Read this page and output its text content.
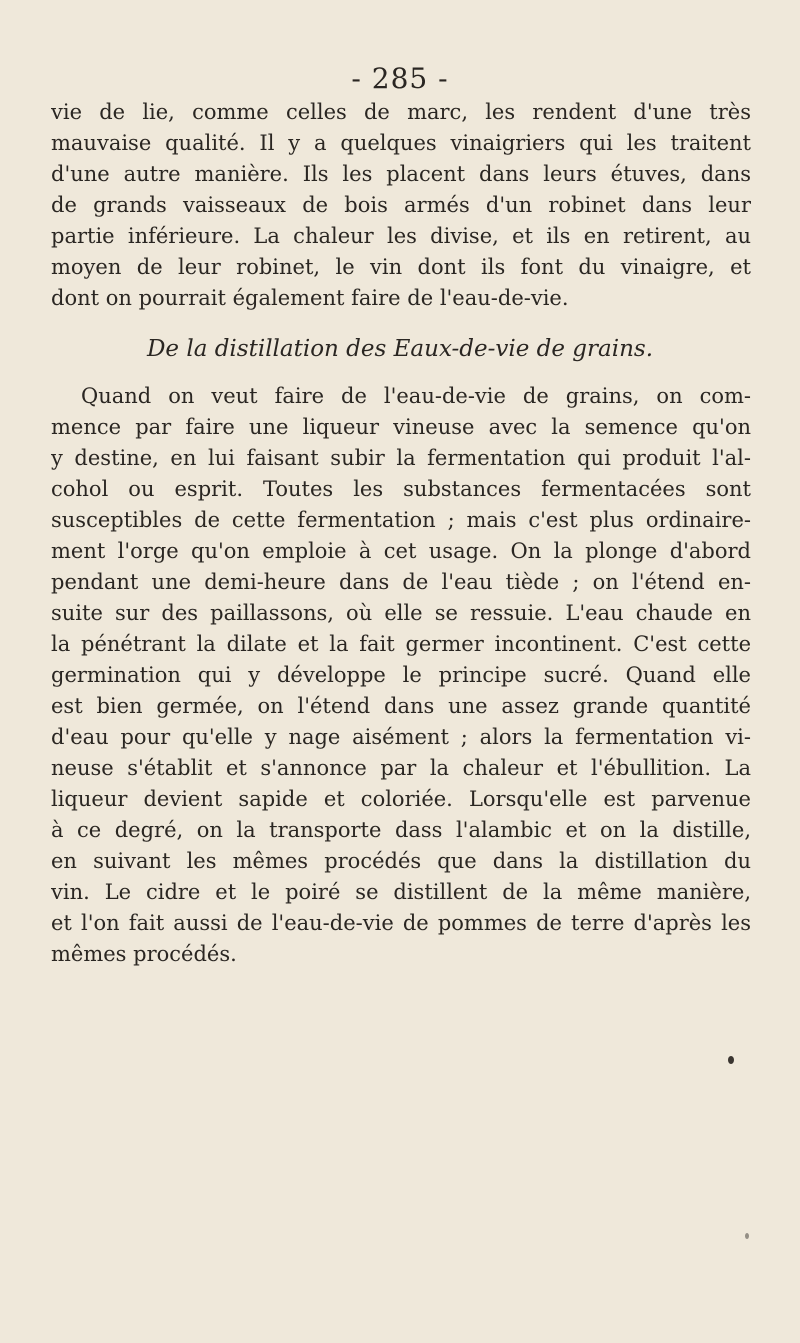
- 285 -
vie de lie, comme celles de marc, les rendent d'une très
mauvaise qualité. Il y a quelques vinaigriers qui les traitent
d'une autre manière. Ils les placent dans leurs étuves, dans
de grands vaisseaux de bois armés d'un robinet dans leur
partie inférieure. La chaleur les divise, et ils en retirent, au
moyen de leur robinet, le vin dont ils font du vinaigre, et
dont on pourrait également faire de l'eau-de-vie.
De la distillation des Eaux-de-vie de grains.
Quand on veut faire de l'eau-de-vie de grains, on com-
mence par faire une liqueur vineuse avec la semence qu'on
y destine, en lui faisant subir la fermentation qui produit l'al-
cohol ou esprit. Toutes les substances fermentacées sont
susceptibles de cette fermentation ; mais c'est plus ordinaire-
ment l'orge qu'on emploie à cet usage. On la plonge d'abord
pendant une demi-heure dans de l'eau tiède ; on l'étend en-
suite sur des paillassons, où elle se ressuie. L'eau chaude en
la pénétrant la dilate et la fait germer incontinent. C'est cette
germination qui y développe le principe sucré. Quand elle
est bien germée, on l'étend dans une assez grande quantité
d'eau pour qu'elle y nage aisément ; alors la fermentation vi-
neuse s'établit et s'annonce par la chaleur et l'ébullition. La
liqueur devient sapide et coloriée. Lorsqu'elle est parvenue
à ce degré, on la transporte dass l'alambic et on la distille,
en suivant les mêmes procédés que dans la distillation du
vin. Le cidre et le poiré se distillent de la même manière,
et l'on fait aussi de l'eau-de-vie de pommes de terre d'après les
mêmes procédés.
